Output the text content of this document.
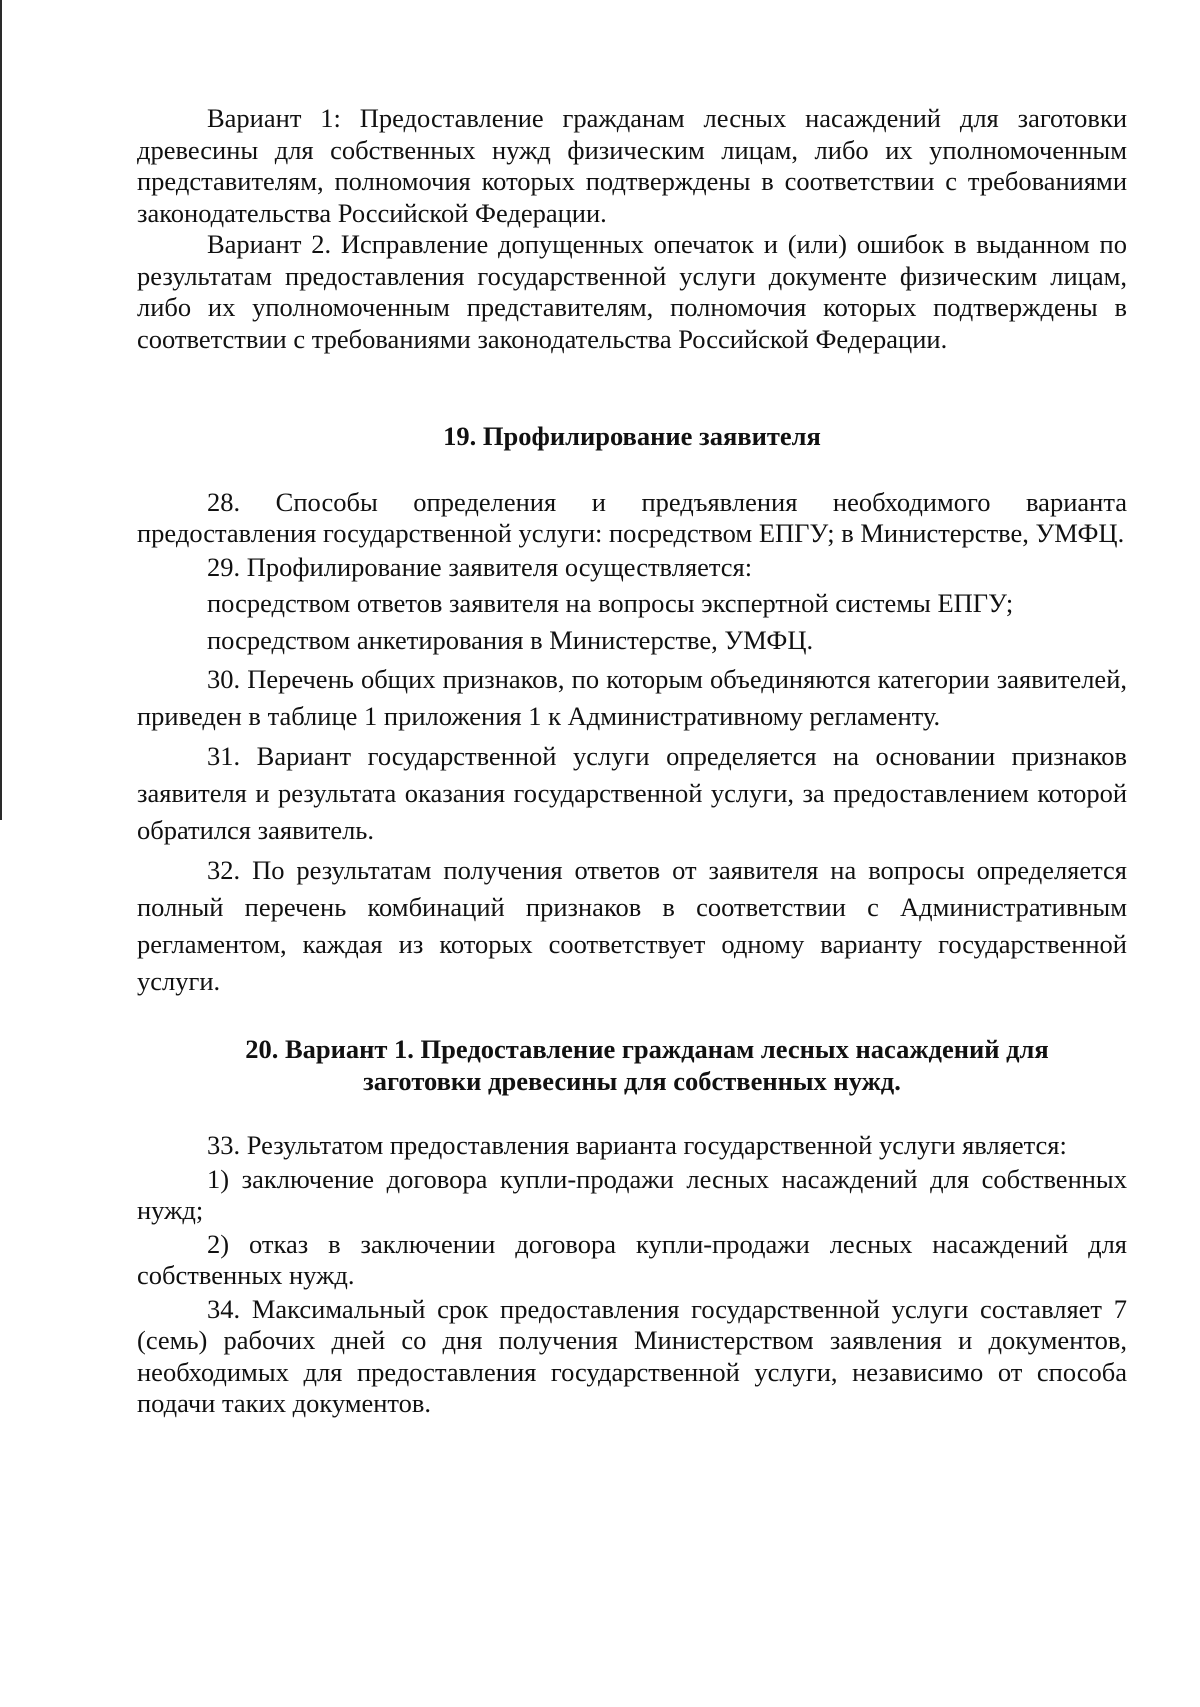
Вариант 1: Предоставление гражданам лесных насаждений для заготовки древесины для собственных нужд физическим лицам, либо их уполномоченным представителям, полномочия которых подтверждены в соответствии с требованиями законодательства Российской Федерации.

Вариант 2. Исправление допущенных опечаток и (или) ошибок в выданном по результатам предоставления государственной услуги документе физическим лицам, либо их уполномоченным представителям, полномочия которых подтверждены в соответствии с требованиями законодательства Российской Федерации.

19. Профилирование заявителя

28. Способы определения и предъявления необходимого варианта предоставления государственной услуги: посредством ЕПГУ; в Министерстве, УМФЦ.

29. Профилирование заявителя осуществляется:

посредством ответов заявителя на вопросы экспертной системы ЕПГУ;

посредством анкетирования в Министерстве, УМФЦ.

30. Перечень общих признаков, по которым объединяются категории заявителей, приведен в таблице 1 приложения 1 к Административному регламенту.

31. Вариант государственной услуги определяется на основании признаков заявителя и результата оказания государственной услуги, за предоставлением которой обратился заявитель.

32. По результатам получения ответов от заявителя на вопросы определяется полный перечень комбинаций признаков в соответствии с Административным регламентом, каждая из которых соответствует одному варианту государственной услуги.

20. Вариант 1. Предоставление гражданам лесных насаждений для

заготовки древесины для собственных нужд.

33. Результатом предоставления варианта государственной услуги является:

1) заключение договора купли-продажи лесных насаждений для собственных нужд;

2) отказ в заключении договора купли-продажи лесных насаждений для собственных нужд.

34. Максимальный срок предоставления государственной услуги составляет 7 (семь) рабочих дней со дня получения Министерством заявления и документов, необходимых для предоставления государственной услуги, независимо от способа подачи таких документов.
